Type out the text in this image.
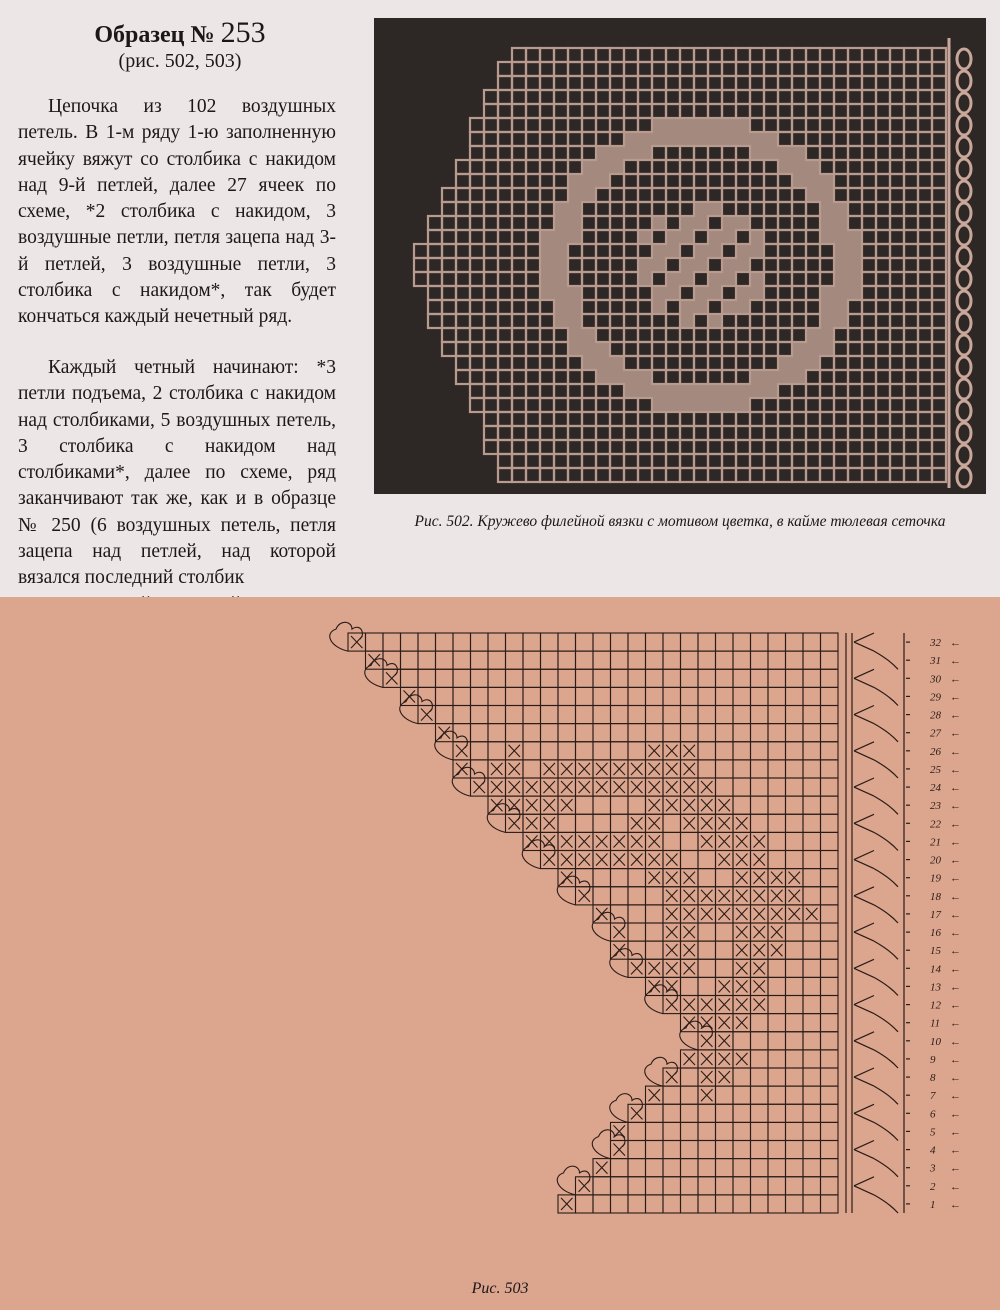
Образец № 253
(рис. 502, 503)

Цепочка из 102 воздушных петель. В 1-м ряду 1-ю заполненную ячейку вяжут со столбика с накидом над 9-й петлей, далее 27 ячеек по схеме, *2 столбика с накидом, 3 воздушные петли, петля зацепа над 3-й петлей, 3 воздушные петли, 3 столбика с накидом*, так будет кончаться каждый нечетный ряд.

Каждый четный начинают: *3 петли подъема, 2 столбика с накидом над столбиками, 5 воздушных петель, 3 столбика с накидом над столбиками*, далее по схеме, ряд заканчивают так же, как и в образце № 250 (6 воздушных петель, петля зацепа над петлей, над которой вязался последний столбик

Рис. 502. Кружево филейной вязки с мотивом цветка, в кайме тюлевая сеточка
1 ←
2 ←
3 ←
4 ←
5 ←
6 ←
7 ←
8 ←
9 ←
10 ←
11 ←
12 ←
13 ←
14 ←
15 ←
16 ←
17 ←
18 ←
19 ←
20 ←
21 ←
22 ←
23 ←
24 ←
25 ←
26 ←
27 ←
28 ←
29 ←
30 ←
31 ←
32 ←
Рис. 503
